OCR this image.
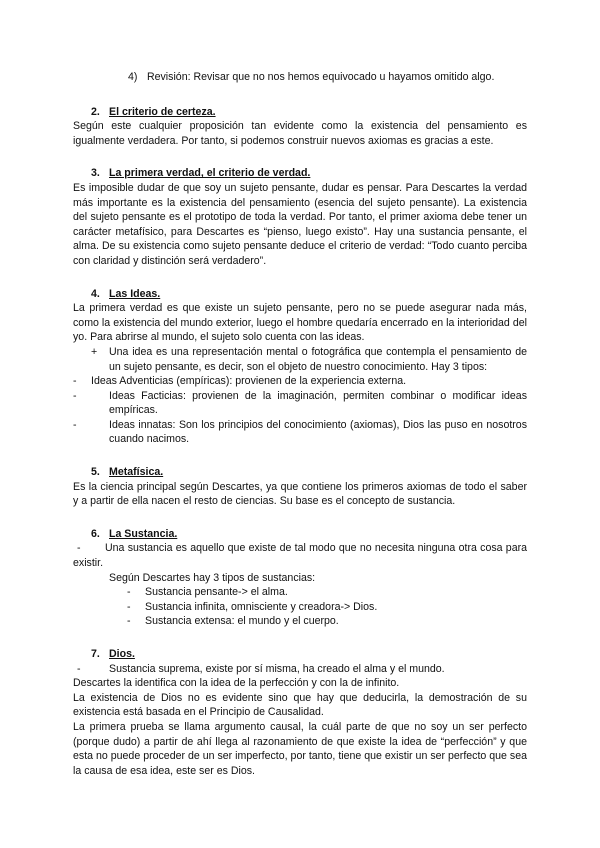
4) Revisión: Revisar que no nos hemos equivocado u hayamos omitido algo.
2. El criterio de certeza.

Según este cualquier proposición tan evidente como la existencia del pensamiento es igualmente verdadera. Por tanto, si podemos construir nuevos axiomas es gracias a este.

3. La primera verdad, el criterio de verdad.

Es imposible dudar de que soy un sujeto pensante, dudar es pensar. Para Descartes la verdad más importante es la existencia del pensamiento (esencia del sujeto pensante). La existencia del sujeto pensante es el prototipo de toda la verdad. Por tanto, el primer axioma debe tener un carácter metafísico, para Descartes es “pienso, luego existo”. Hay una sustancia pensante, el alma. De su existencia como sujeto pensante deduce el criterio de verdad: “Todo cuanto perciba con claridad y distinción será verdadero”.

4. Las Ideas.

La primera verdad es que existe un sujeto pensante, pero no se puede asegurar nada más, como la existencia del mundo exterior, luego el hombre quedaría encerrado en la interioridad del yo. Para abrirse al mundo, el sujeto solo cuenta con las ideas.

+	Una idea es una representación mental o fotográfica que contempla el pensamiento de un sujeto pensante, es decir, son el objeto de nuestro conocimiento. Hay 3 tipos:
-	Ideas Adventicias (empíricas): provienen de la experiencia externa.
-	Ideas Facticias: provienen de la imaginación, permiten combinar o modificar ideas empíricas.
-	Ideas innatas: Son los principios del conocimiento (axiomas), Dios las puso en nosotros cuando nacimos.
5. Metafísica.

Es la ciencia principal según Descartes, ya que contiene los primeros axiomas de todo el saber y a partir de ella nacen el resto de ciencias. Su base es el concepto de sustancia.

6. La Sustancia.

- Una sustancia es aquello que existe de tal modo que no necesita ninguna otra cosa para existir.

Según Descartes hay 3 tipos de sustancias:

-	Sustancia pensante-> el alma.
-	Sustancia infinita, omnisciente y creadora-> Dios.
-	Sustancia extensa: el mundo y el cuerpo.
7. Dios.
-	Sustancia suprema, existe por sí misma, ha creado el alma y el mundo.

Descartes la identifica con la idea de la perfección y con la de infinito.

La existencia de Dios no es evidente sino que hay que deducirla, la demostración de su existencia está basada en el Principio de Causalidad.

La primera prueba se llama argumento causal, la cuál parte de que no soy un ser perfecto (porque dudo) a partir de ahí llega al razonamiento de que existe la idea de “perfección” y que esta no puede proceder de un ser imperfecto, por tanto, tiene que existir un ser perfecto que sea la causa de esa idea, este ser es Dios.
